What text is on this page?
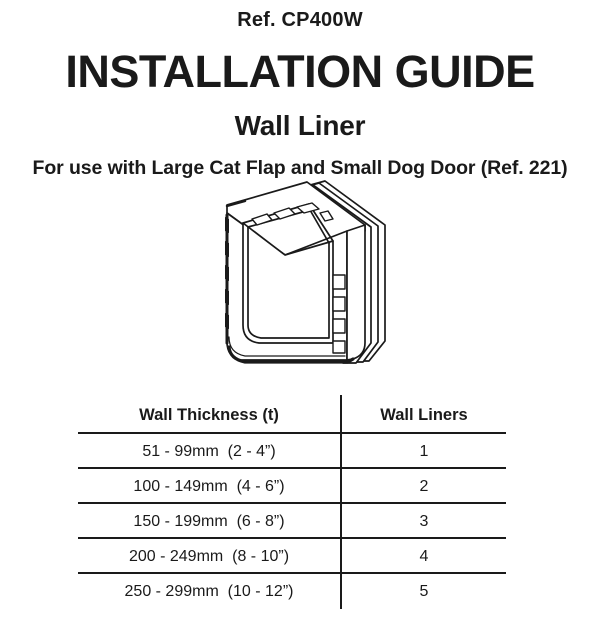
Ref. CP400W
INSTALLATION GUIDE
Wall Liner
For use with Large Cat Flap and Small Dog Door (Ref. 221)
Wall Thickness (t)	Wall Liners
51 - 99mm  (2 - 4”)	1
100 - 149mm  (4 - 6”)	2
150 - 199mm  (6 - 8”)	3
200 - 249mm  (8 - 10”)	4
250 - 299mm  (10 - 12”)	5
